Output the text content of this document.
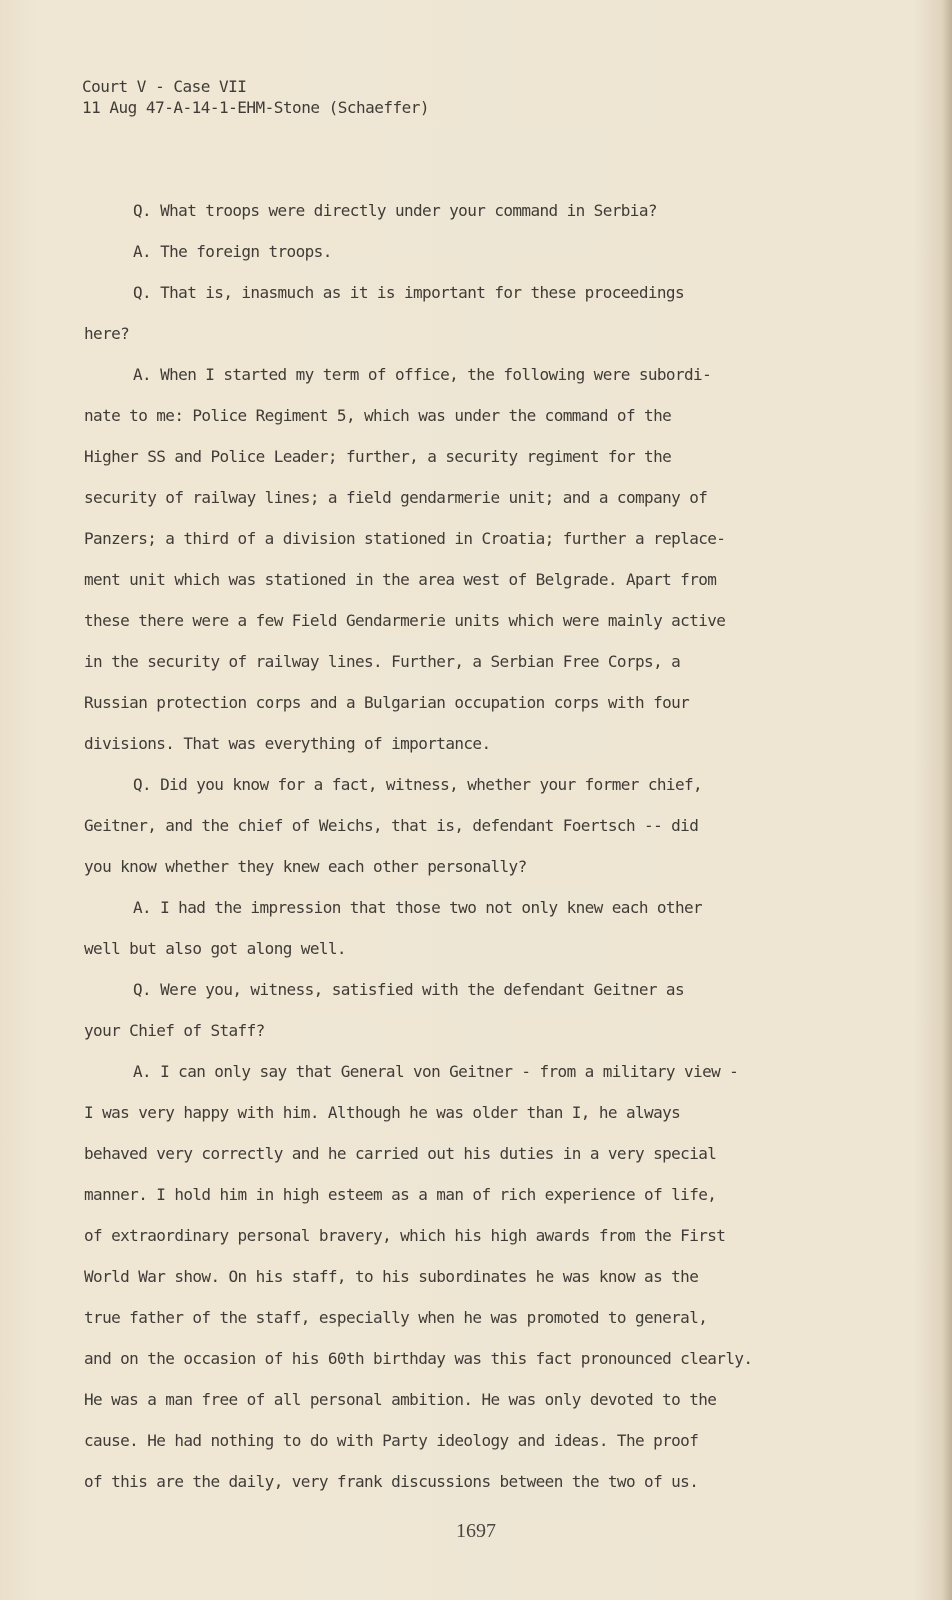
Court V - Case VII
11 Aug 47-A-14-1-EHM-Stone (Schaeffer)
Q. What troops were directly under your command in Serbia?
A. The foreign troops.
Q. That is, inasmuch as it is important for these proceedings
here?
A. When I started my term of office, the following were subordi-
nate to me: Police Regiment 5, which was under the command of the
Higher SS and Police Leader; further, a security regiment for the
security of railway lines; a field gendarmerie unit; and a company of
Panzers; a third of a division stationed in Croatia; further a replace-
ment unit which was stationed in the area west of Belgrade. Apart from
these there were a few Field Gendarmerie units which were mainly active
in the security of railway lines. Further, a Serbian Free Corps, a
Russian protection corps and a Bulgarian occupation corps with four
divisions. That was everything of importance.
Q. Did you know for a fact, witness, whether your former chief,
Geitner, and the chief of Weichs, that is, defendant Foertsch -- did
you know whether they knew each other personally?
A. I had the impression that those two not only knew each other
well but also got along well.
Q. Were you, witness, satisfied with the defendant Geitner as
your Chief of Staff?
A. I can only say that General von Geitner - from a military view -
I was very happy with him. Although he was older than I, he always
behaved very correctly and he carried out his duties in a very special
manner. I hold him in high esteem as a man of rich experience of life,
of extraordinary personal bravery, which his high awards from the First
World War show. On his staff, to his subordinates he was know as the
true father of the staff, especially when he was promoted to general,
and on the occasion of his 60th birthday was this fact pronounced clearly.
He was a man free of all personal ambition. He was only devoted to the
cause. He had nothing to do with Party ideology and ideas. The proof
of this are the daily, very frank discussions between the two of us.
1697
